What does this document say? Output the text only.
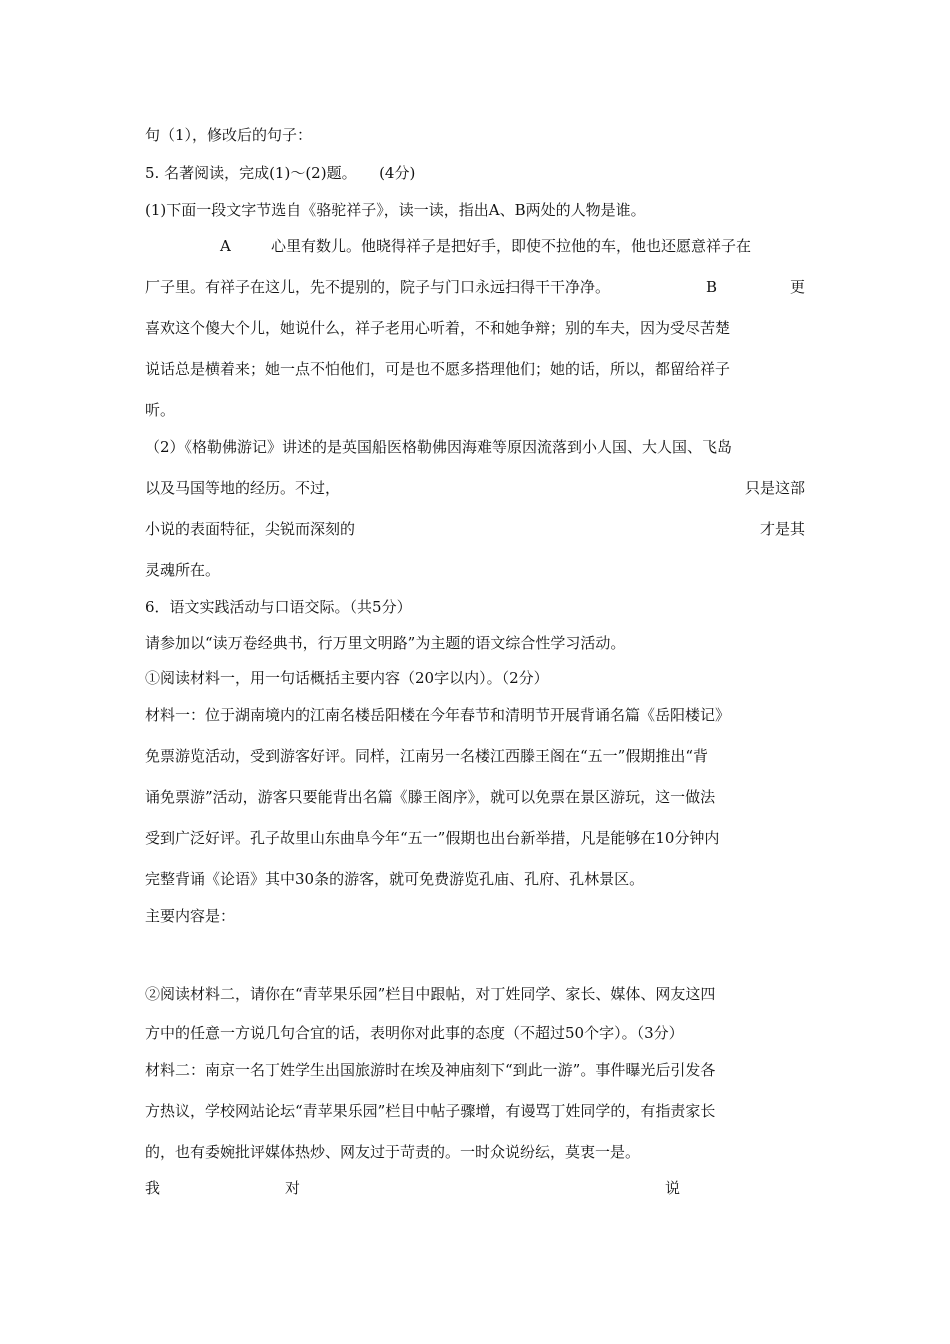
句（1），修改后的句子：

5. 名著阅读，完成(1)～(2)题。　　(4分)

(1)下面一段文字节选自《骆驼祥子》，读一读，指出A、B两处的人物是谁。

A	心里有数儿。他晓得祥子是把好手，即使不拉他的车，他也还愿意祥子在
厂子里。有祥子在这儿，先不提别的，院子与门口永远扫得干干净净。	B	更

喜欢这个傻大个儿，她说什么，祥子老用心听着，不和她争辩；别的车夫，因为受尽苦楚

说话总是横着来；她一点不怕他们，可是也不愿多搭理他们；她的话，所以，都留给祥子

听。

（2）《格勒佛游记》讲述的是英国船医格勒佛因海难等原因流落到小人国、大人国、飞岛

以及马国等地的经历。不过，	只是这部
小说的表面特征，尖锐而深刻的	才是其

灵魂所在。

6．语文实践活动与口语交际。（共5分）

请参加以“读万卷经典书，行万里文明路”为主题的语文综合性学习活动。

①阅读材料一，用一句话概括主要内容（20字以内）。（2分）

材料一：位于湖南境内的江南名楼岳阳楼在今年春节和清明节开展背诵名篇《岳阳楼记》

免票游览活动，受到游客好评。同样，江南另一名楼江西滕王阁在“五一”假期推出“背

诵免票游”活动，游客只要能背出名篇《滕王阁序》，就可以免票在景区游玩，这一做法

受到广泛好评。孔子故里山东曲阜今年“五一”假期也出台新举措，凡是能够在10分钟内

完整背诵《论语》其中30条的游客，就可免费游览孔庙、孔府、孔林景区。

主要内容是：

②阅读材料二，请你在“青苹果乐园”栏目中跟帖，对丁姓同学、家长、媒体、网友这四

方中的任意一方说几句合宜的话，表明你对此事的态度（不超过50个字）。（3分）

材料二：南京一名丁姓学生出国旅游时在埃及神庙刻下“到此一游”。事件曝光后引发各

方热议，学校网站论坛“青苹果乐园”栏目中帖子骤增，有谩骂丁姓同学的，有指责家长

的，也有委婉批评媒体热炒、网友过于苛责的。一时众说纷纭，莫衷一是。

我	对	说
